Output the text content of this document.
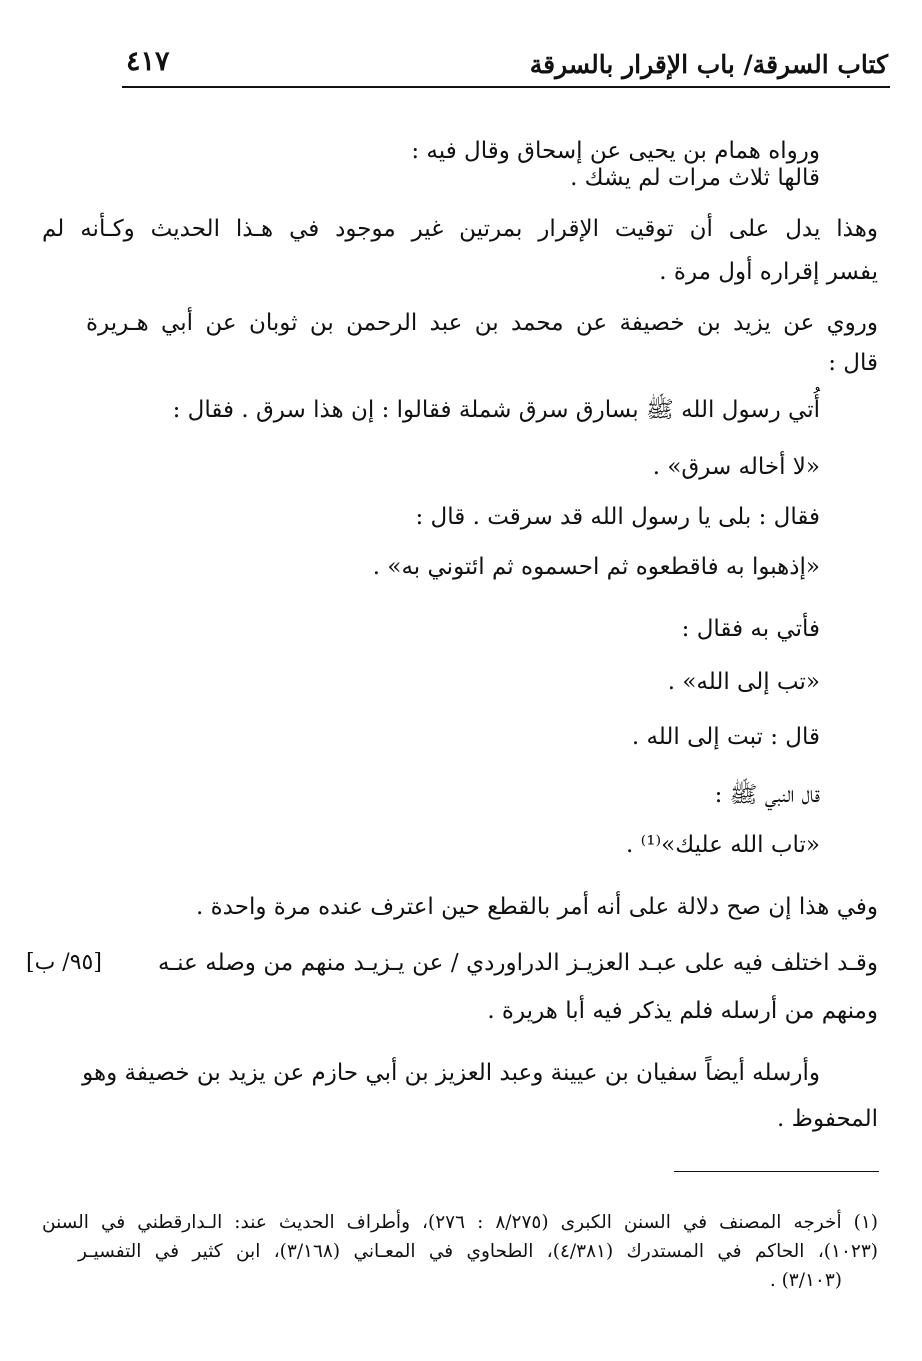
كتاب السرقة/ باب الإقرار بالسرقة
٤١٧
ورواه همام بن يحيى عن إسحاق وقال فيه :
قالها ثلاث مرات لم يشك .
وهذا يدل على أن توقيت الإقرار بمرتين غير موجود في هـذا الحديث وكـأنه لم
يفسر إقراره أول مرة .
وروي عن يزيد بن خصيفة عن محمد بن عبد الرحمن بن ثوبان عن أبي هـريرة
قال :
أُتي رسول الله ﷺ بسارق سرق شملة فقالوا : إن هذا سرق . فقال :
«لا أخاله سرق» .
فقال : بلى يا رسول الله قد سرقت . قال :
«إذهبوا به فاقطعوه ثم احسموه ثم ائتوني به» .
فأتي به فقال :
«تب إلى الله» .
قال : تبت إلى الله .
قال النبي ﷺ :
«تاب الله عليك»⁽¹⁾ .
وفي هذا إن صح دلالة على أنه أمر بالقطع حين اعترف عنده مرة واحدة .
وقـد اختلف فيه على عبـد العزيـز الدراوردي / عن يـزيـد منهم من وصله عنـه
ومنهم من أرسله فلم يذكر فيه أبا هريرة .
وأرسله أيضاً سفيان بن عيينة وعبد العزيز بن أبي حازم عن يزيد بن خصيفة وهو
المحفوظ .
[٩٥/ ب]
(١) أخرجه المصنف في السنن الكبرى (٨/٢٧٥ : ٢٧٦)، وأطراف الحديث عند: الـدارقطني في السنن
(١٠٢٣)، الحاكم في المستدرك (٤/٣٨١)، الطحاوي في المعـاني (٣/١٦٨)، ابن كثير في التفسيـر
(٣/١٠٣) .
